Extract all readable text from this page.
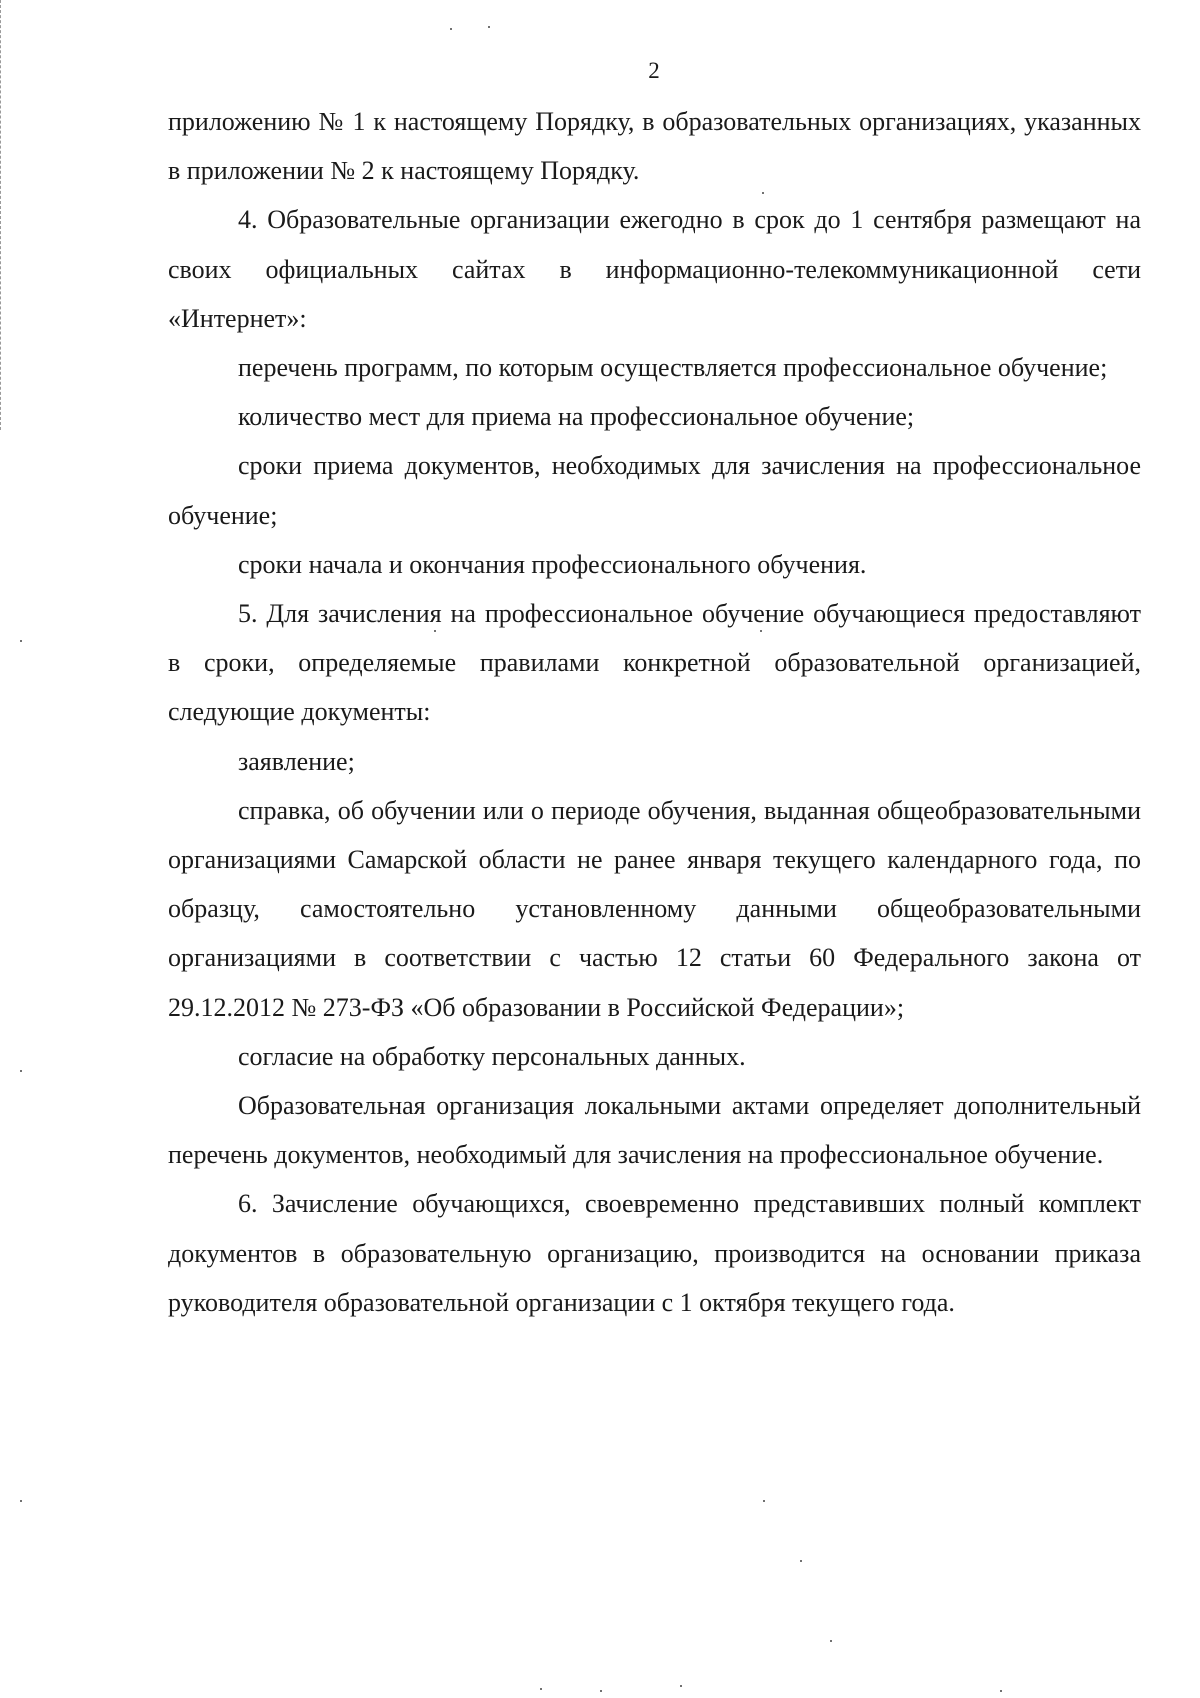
2

приложению № 1 к настоящему Порядку, в образовательных организациях, указанных в приложении № 2 к настоящему Порядку.

4. Образовательные организации ежегодно в срок до 1 сентября размещают на своих официальных сайтах в информационно-телекоммуникационной сети «Интернет»:

перечень программ, по которым осуществляется профессиональное обучение;

количество мест для приема на профессиональное обучение;

сроки приема документов, необходимых для зачисления на профессиональное обучение;

сроки начала и окончания профессионального обучения.

5. Для зачисления на профессиональное обучение обучающиеся предоставляют в сроки, определяемые правилами конкретной образовательной организацией, следующие документы:

заявление;

справка, об обучении или о периоде обучения, выданная общеобразовательными организациями Самарской области не ранее января текущего календарного года, по образцу, самостоятельно установленному данными общеобразовательными организациями в соответствии с частью 12 статьи 60 Федерального закона от 29.12.2012 № 273-ФЗ «Об образовании в Российской Федерации»;

согласие на обработку персональных данных.

Образовательная организация локальными актами определяет дополнительный перечень документов, необходимый для зачисления на профессиональное обучение.

6. Зачисление обучающихся, своевременно представивших полный комплект документов в образовательную организацию, производится на основании приказа руководителя образовательной организации с 1 октября текущего года.
